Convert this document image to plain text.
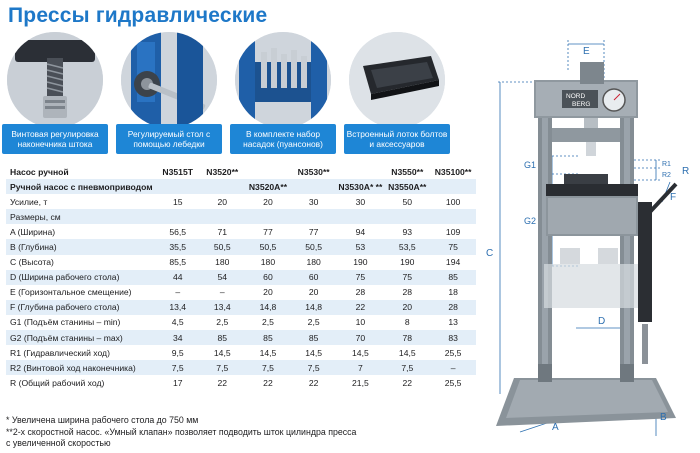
Прессы гидравлические
Винтовая регулировка наконечника штока
Регулируемый стол с помощью лебедки
В комплекте набор насадок (пуансонов)
Встроенный лоток болтов и аксессуаров
Насос ручной	N3515T	N3520**		N3530**		N3550**	N35100**
Ручной насос с пневмоприводом			N3520A**		N3530A* **	N3550A**	
Усилие, т	15	20	20	30	30	50	100
Размеры, см							
A (Ширина)	56,5	71	77	77	94	93	109
B (Глубина)	35,5	50,5	50,5	50,5	53	53,5	75
C (Высота)	85,5	180	180	180	190	190	194
D (Ширина рабочего стола)	44	54	60	60	75	75	85
E (Горизонтальное смещение)	–	–	20	20	28	28	18
F (Глубина рабочего стола)	13,4	13,4	14,8	14,8	22	20	28
G1 (Подъём станины – min)	4,5	2,5	2,5	2,5	10	8	13
G2 (Подъём станины – max)	34	85	85	85	70	78	83
R1 (Гидравлический ход)	9,5	14,5	14,5	14,5	14,5	14,5	25,5
R2 (Винтовой ход наконечника)	7,5	7,5	7,5	7,5	7	7,5	–
R (Общий рабочий ход)	17	22	22	22	21,5	22	25,5
* Увеличена ширина рабочего стола до 750 мм
**2-х скоростной насос. «Умный клапан» позволяет подводить шток цилиндра пресса
с увеличенной скоростью
E
C
G1
G2
R1
R2 R
F
D
A
B
NORD
BERG
